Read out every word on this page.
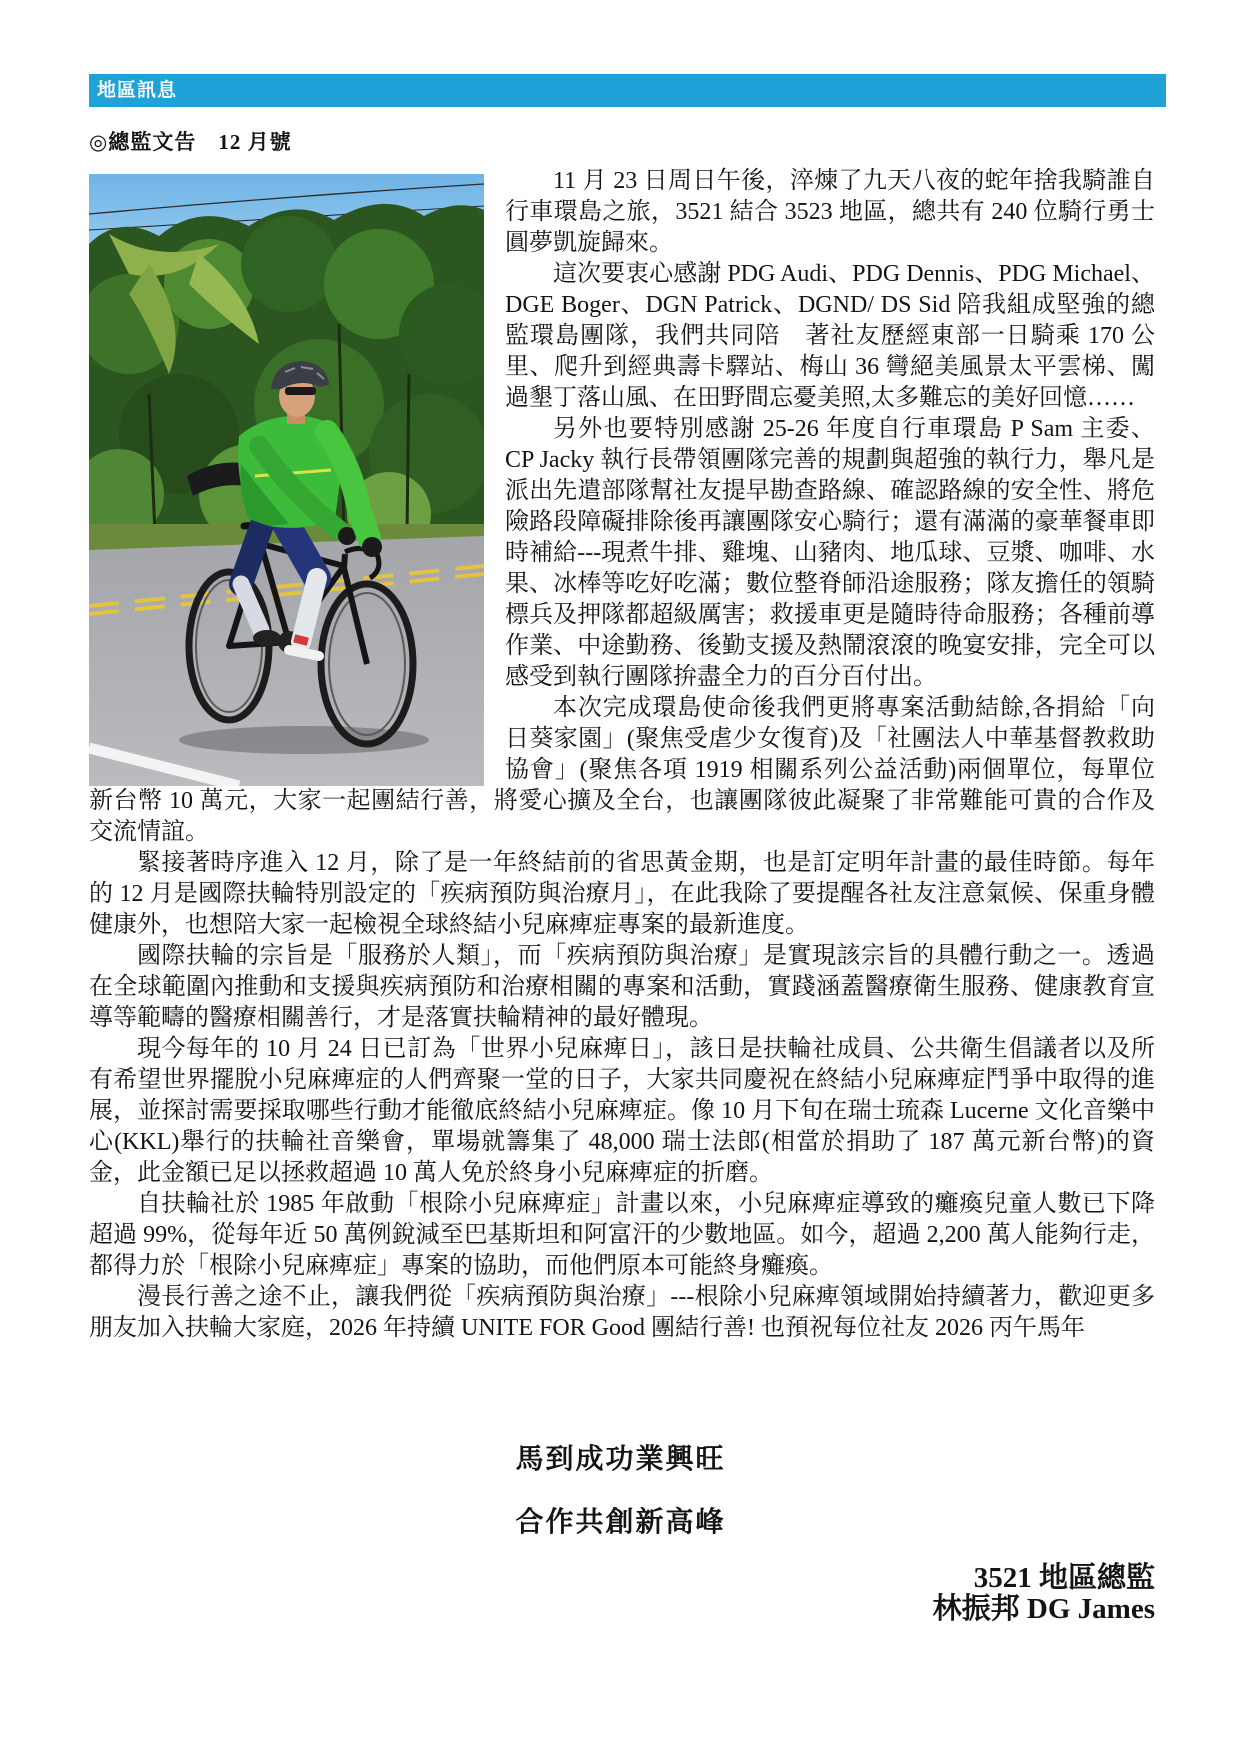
地區訊息
◎總監文告　12 月號

11 月 23 日周日午後，淬煉了九天八夜的蛇年捨我騎誰自行車環島之旅，3521 結合 3523 地區，總共有 240 位騎行勇士圓夢凱旋歸來。

這次要衷心感謝 PDG Audi、PDG Dennis、PDG Michael、DGE Boger、DGN Patrick、DGND/ DS Sid 陪我組成堅強的總監環島團隊，我們共同陪　著社友歷經東部一日騎乘 170 公里、爬升到經典壽卡驛站、梅山 36 彎絕美風景太平雲梯、闖過墾丁落山風、在田野間忘憂美照,太多難忘的美好回憶……

另外也要特別感謝 25-26 年度自行車環島 P Sam 主委、CP Jacky 執行長帶領團隊完善的規劃與超強的執行力，舉凡是派出先遣部隊幫社友提早勘查路線、確認路線的安全性、將危險路段障礙排除後再讓團隊安心騎行；還有滿滿的豪華餐車即時補給---現煮牛排、雞塊、山豬肉、地瓜球、豆漿、咖啡、水果、冰棒等吃好吃滿；數位整脊師沿途服務；隊友擔任的領騎標兵及押隊都超級厲害；救援車更是隨時待命服務；各種前導作業、中途勤務、後勤支援及熱鬧滾滾的晚宴安排，完全可以感受到執行團隊拚盡全力的百分百付出。

本次完成環島使命後我們更將專案活動結餘,各捐給「向日葵家園」(聚焦受虐少女復育)及「社團法人中華基督教救助協會」(聚焦各項 1919 相關系列公益活動)兩個單位，每單位新台幣 10 萬元，大家一起團結行善，將愛心擴及全台，也讓團隊彼此凝聚了非常難能可貴的合作及交流情誼。

緊接著時序進入 12 月，除了是一年終結前的省思黃金期，也是訂定明年計畫的最佳時節。每年的 12 月是國際扶輪特別設定的「疾病預防與治療月」，在此我除了要提醒各社友注意氣候、保重身體健康外，也想陪大家一起檢視全球終結小兒麻痺症專案的最新進度。

國際扶輪的宗旨是「服務於人類」，而「疾病預防與治療」是實現該宗旨的具體行動之一。透過在全球範圍內推動和支援與疾病預防和治療相關的專案和活動，實踐涵蓋醫療衛生服務、健康教育宣導等範疇的醫療相關善行，才是落實扶輪精神的最好體現。

現今每年的 10 月 24 日已訂為「世界小兒麻痺日」，該日是扶輪社成員、公共衛生倡議者以及所有希望世界擺脫小兒麻痺症的人們齊聚一堂的日子，大家共同慶祝在終結小兒麻痺症鬥爭中取得的進展，並探討需要採取哪些行動才能徹底終結小兒麻痺症。像 10 月下旬在瑞士琉森 Lucerne 文化音樂中心(KKL)舉行的扶輪社音樂會，單場就籌集了 48,000 瑞士法郎(相當於捐助了 187 萬元新台幣)的資金，此金額已足以拯救超過 10 萬人免於終身小兒麻痺症的折磨。

自扶輪社於 1985 年啟動「根除小兒麻痺症」計畫以來，小兒麻痺症導致的癱瘓兒童人數已下降超過 99%，從每年近 50 萬例銳減至巴基斯坦和阿富汗的少數地區。如今，超過 2,200 萬人能夠行走，都得力於「根除小兒麻痺症」專案的協助，而他們原本可能終身癱瘓。

漫長行善之途不止，讓我們從「疾病預防與治療」---根除小兒麻痺領域開始持續著力，歡迎更多朋友加入扶輪大家庭，2026 年持續 UNITE FOR Good 團結行善! 也預祝每位社友 2026 丙午馬年

馬到成功業興旺
合作共創新高峰
3521 地區總監
林振邦 DG James
